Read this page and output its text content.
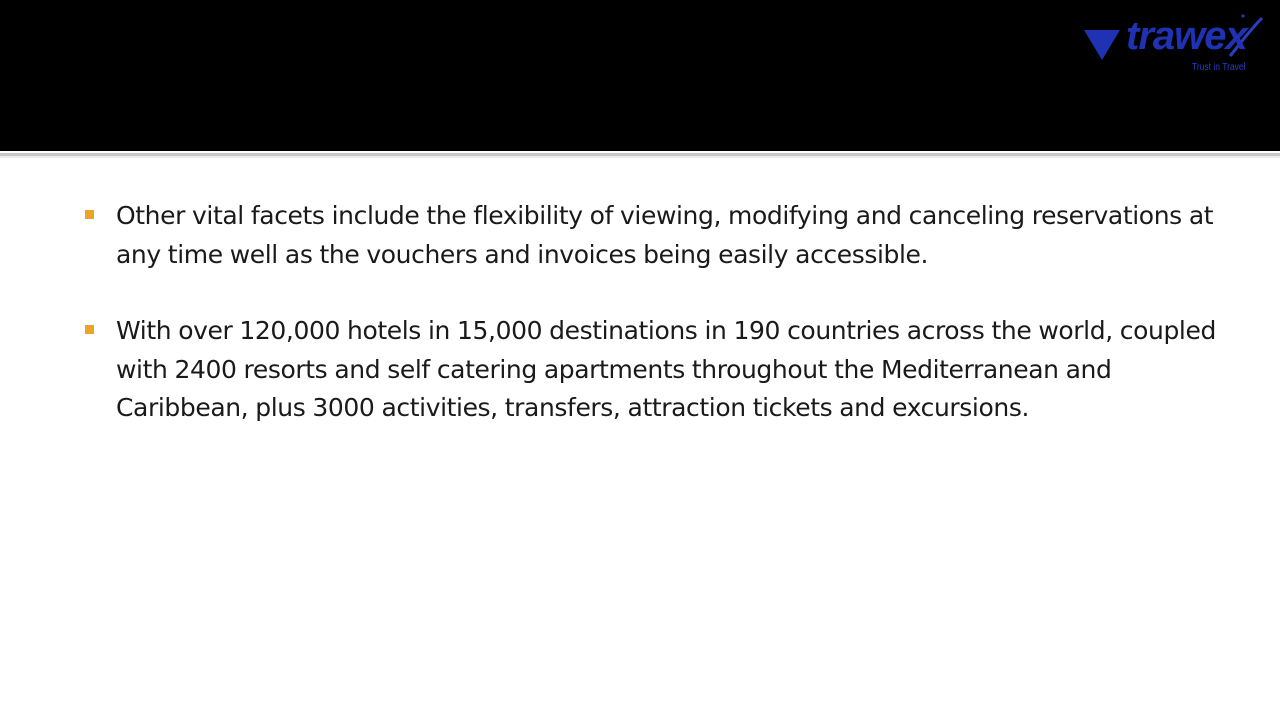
trawex
Trust in Travel
Other vital facets include the flexibility of viewing, modifying and canceling reservations at any time well as the vouchers and invoices being easily accessible.
With over 120,000 hotels in 15,000 destinations in 190 countries across the world, coupled with 2400 resorts and self catering apartments throughout the Mediterranean and Caribbean, plus 3000 activities, transfers, attraction tickets and excursions.
